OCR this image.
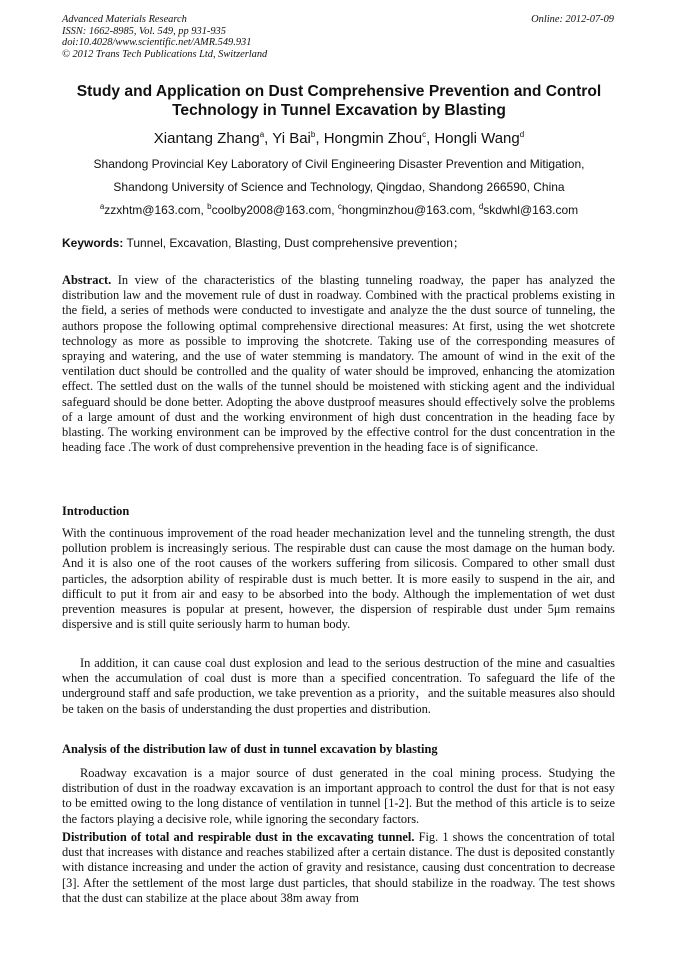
Advanced Materials Research
ISSN: 1662-8985, Vol. 549, pp 931-935
doi:10.4028/www.scientific.net/AMR.549.931
© 2012 Trans Tech Publications Ltd, Switzerland
Online: 2012-07-09
Study and Application on Dust Comprehensive Prevention and Control
Technology in Tunnel Excavation by Blasting
Xiantang Zhang$^a$, Yi Bai$^b$, Hongmin Zhou$^c$, Hongli Wang$^d$
Shandong Provincial Key Laboratory of Civil Engineering Disaster Prevention and Mitigation,
Shandong University of Science and Technology, Qingdao, Shandong 266590, China
$^a$zzxhtm@163.com, $^b$coolby2008@163.com, $^c$hongminzhou@163.com, $^d$skdwhl@163.com
Keywords: Tunnel, Excavation, Blasting, Dust comprehensive prevention；
Abstract. In view of the characteristics of the blasting tunneling roadway, the paper has analyzed the distribution law and the movement rule of dust in roadway. Combined with the practical problems existing in the field, a series of methods were conducted to investigate and analyze the the dust source of tunneling, the authors propose the following optimal comprehensive directional measures: At first, using the wet shotcrete technology as more as possible to improving the shotcrete. Taking use of the corresponding measures of spraying and watering, and the use of water stemming is mandatory. The amount of wind in the exit of the ventilation duct should be controlled and the quality of water should be improved, enhancing the atomization effect. The settled dust on the walls of the tunnel should be moistened with sticking agent and the individual safeguard should be done better. Adopting the above dustproof measures should effectively solve the problems of a large amount of dust and the working environment of high dust concentration in the heading face by blasting. The working environment can be improved by the effective control for the dust concentration in the heading face .The work of dust comprehensive prevention in the heading face is of significance.
Introduction
With the continuous improvement of the road header mechanization level and the tunneling strength, the dust pollution problem is increasingly serious. The respirable dust can cause the most damage on the human body. And it is also one of the root causes of the workers suffering from silicosis. Compared to other small dust particles, the adsorption ability of respirable dust is much better. It is more easily to suspend in the air, and difficult to put it from air and easy to be absorbed into the body. Although the implementation of wet dust prevention measures is popular at present, however, the dispersion of respirable dust under 5μm remains dispersive and is still quite seriously harm to human body.
In addition, it can cause coal dust explosion and lead to the serious destruction of the mine and casualties when the accumulation of coal dust is more than a specified concentration. To safeguard the life of the underground staff and safe production, we take prevention as a priority，and the suitable measures also should be taken on the basis of understanding the dust properties and distribution.
Analysis of the distribution law of dust in tunnel excavation by blasting
Roadway excavation is a major source of dust generated in the coal mining process. Studying the distribution of dust in the roadway excavation is an important approach to control the dust for that is not easy to be emitted owing to the long distance of ventilation in tunnel [1-2]. But the method of this article is to seize the factors playing a decisive role, while ignoring the secondary factors.
Distribution of total and respirable dust in the excavating tunnel. Fig. 1 shows the concentration of total dust that increases with distance and reaches stabilized after a certain distance. The dust is deposited constantly with distance increasing and under the action of gravity and resistance, causing dust concentration to decrease [3]. After the settlement of the most large dust particles, that should stabilize in the roadway. The test shows that the dust can stabilize at the place about 38m away from
